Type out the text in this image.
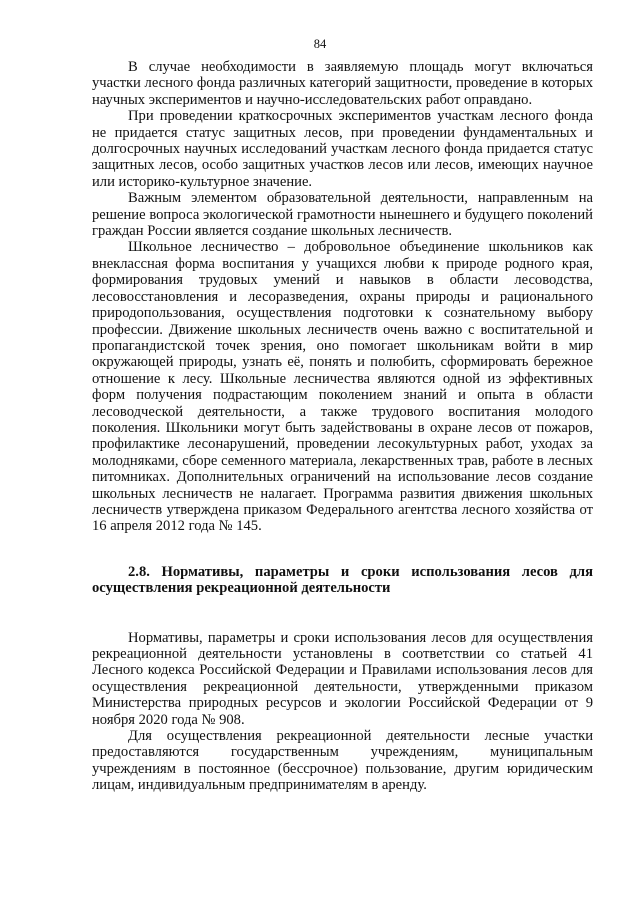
84

В случае необходимости в заявляемую площадь могут включаться участки лесного фонда различных категорий защитности, проведение в которых научных экспериментов и научно-исследовательских работ оправдано.

При проведении краткосрочных экспериментов участкам лесного фонда не придается статус защитных лесов, при проведении фундаментальных и долгосрочных научных исследований участкам лесного фонда придается статус защитных лесов, особо защитных участков лесов или лесов, имеющих научное или историко-культурное значение.

Важным элементом образовательной деятельности, направленным на решение вопроса экологической грамотности нынешнего и будущего поколений граждан России является создание школьных лесничеств.

Школьное лесничество – добровольное объединение школьников как внеклассная форма воспитания у учащихся любви к природе родного края, формирования трудовых умений и навыков в области лесоводства, лесовосстановления и лесоразведения, охраны природы и рационального природопользования, осуществления подготовки к сознательному выбору профессии. Движение школьных лесничеств очень важно с воспитательной и пропагандистской точек зрения, оно помогает школьникам войти в мир окружающей природы, узнать её, понять и полюбить, сформировать бережное отношение к лесу. Школьные лесничества являются одной из эффективных форм получения подрастающим поколением знаний и опыта в области лесоводческой деятельности, а также трудового воспитания молодого поколения. Школьники могут быть задействованы в охране лесов от пожаров, профилактике лесонарушений, проведении лесокультурных работ, уходах за молодняками, сборе семенного материала, лекарственных трав, работе в лесных питомниках. Дополнительных ограничений на использование лесов создание школьных лесничеств не налагает. Программа развития движения школьных лесничеств утверждена приказом Федерального агентства лесного хозяйства от 16 апреля 2012 года № 145.

2.8. Нормативы, параметры и сроки использования лесов для осуществления рекреационной деятельности

Нормативы, параметры и сроки использования лесов для осуществления рекреационной деятельности установлены в соответствии со статьей 41 Лесного кодекса Российской Федерации и Правилами использования лесов для осуществления рекреационной деятельности, утвержденными приказом Министерства природных ресурсов и экологии Российской Федерации от 9 ноября 2020 года № 908.

Для осуществления рекреационной деятельности лесные участки предоставляются государственным учреждениям, муниципальным учреждениям в постоянное (бессрочное) пользование, другим юридическим лицам, индивидуальным предпринимателям в аренду.
